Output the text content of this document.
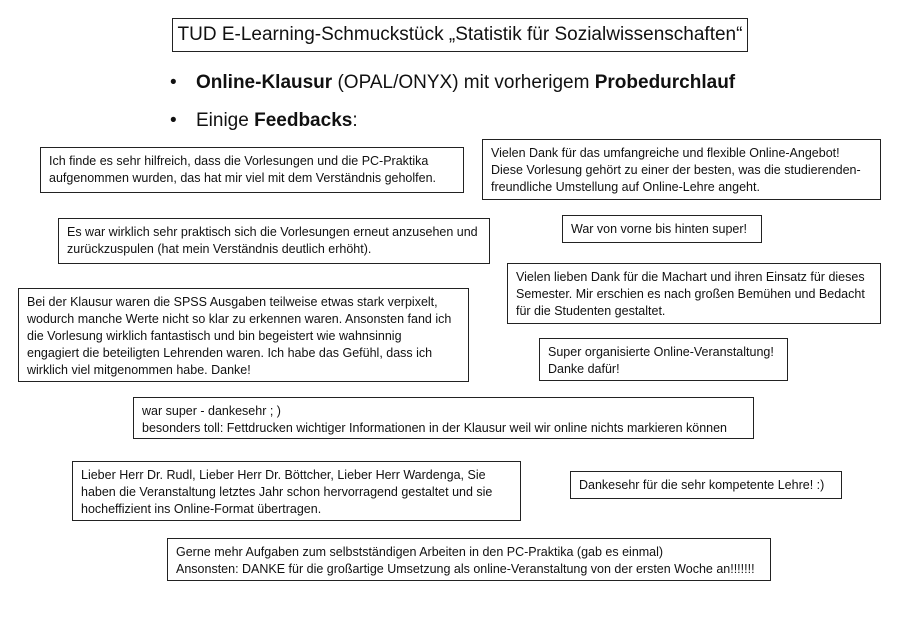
TUD E-Learning-Schmuckstück „Statistik für Sozialwissenschaften“
• Online-Klausur (OPAL/ONYX) mit vorherigem Probedurchlauf
• Einige Feedbacks:
Ich finde es sehr hilfreich, dass die Vorlesungen und die PC-Praktika
aufgenommen wurden, das hat mir viel mit dem Verständnis geholfen.
Vielen Dank für das umfangreiche und flexible Online-Angebot!
Diese Vorlesung gehört zu einer der besten, was die studierenden-
freundliche Umstellung auf Online-Lehre angeht.
Es war wirklich sehr praktisch sich die Vorlesungen erneut anzusehen und
zurückzuspulen (hat mein Verständnis deutlich erhöht).
War von vorne bis hinten super!
Vielen lieben Dank für die Machart und ihren Einsatz für dieses
Semester. Mir erschien es nach großen Bemühen und Bedacht
für die Studenten gestaltet.
Bei der Klausur waren die SPSS Ausgaben teilweise etwas stark verpixelt,
wodurch manche Werte nicht so klar zu erkennen waren. Ansonsten fand ich
die Vorlesung wirklich fantastisch und bin begeistert wie wahnsinnig
engagiert die beteiligten Lehrenden waren. Ich habe das Gefühl, dass ich
wirklich viel mitgenommen habe. Danke!
Super organisierte Online-Veranstaltung!
Danke dafür!
war super - dankesehr ; )
besonders toll: Fettdrucken wichtiger Informationen in der Klausur weil wir online nichts markieren können
Lieber Herr Dr. Rudl, Lieber Herr Dr. Böttcher, Lieber Herr Wardenga, Sie
haben die Veranstaltung letztes Jahr schon hervorragend gestaltet und sie
hocheffizient ins Online-Format übertragen.
Dankesehr für die sehr kompetente Lehre! :)
Gerne mehr Aufgaben zum selbstständigen Arbeiten in den PC-Praktika (gab es einmal)
Ansonsten: DANKE für die großartige Umsetzung als online-Veranstaltung von der ersten Woche an!!!!!!!
